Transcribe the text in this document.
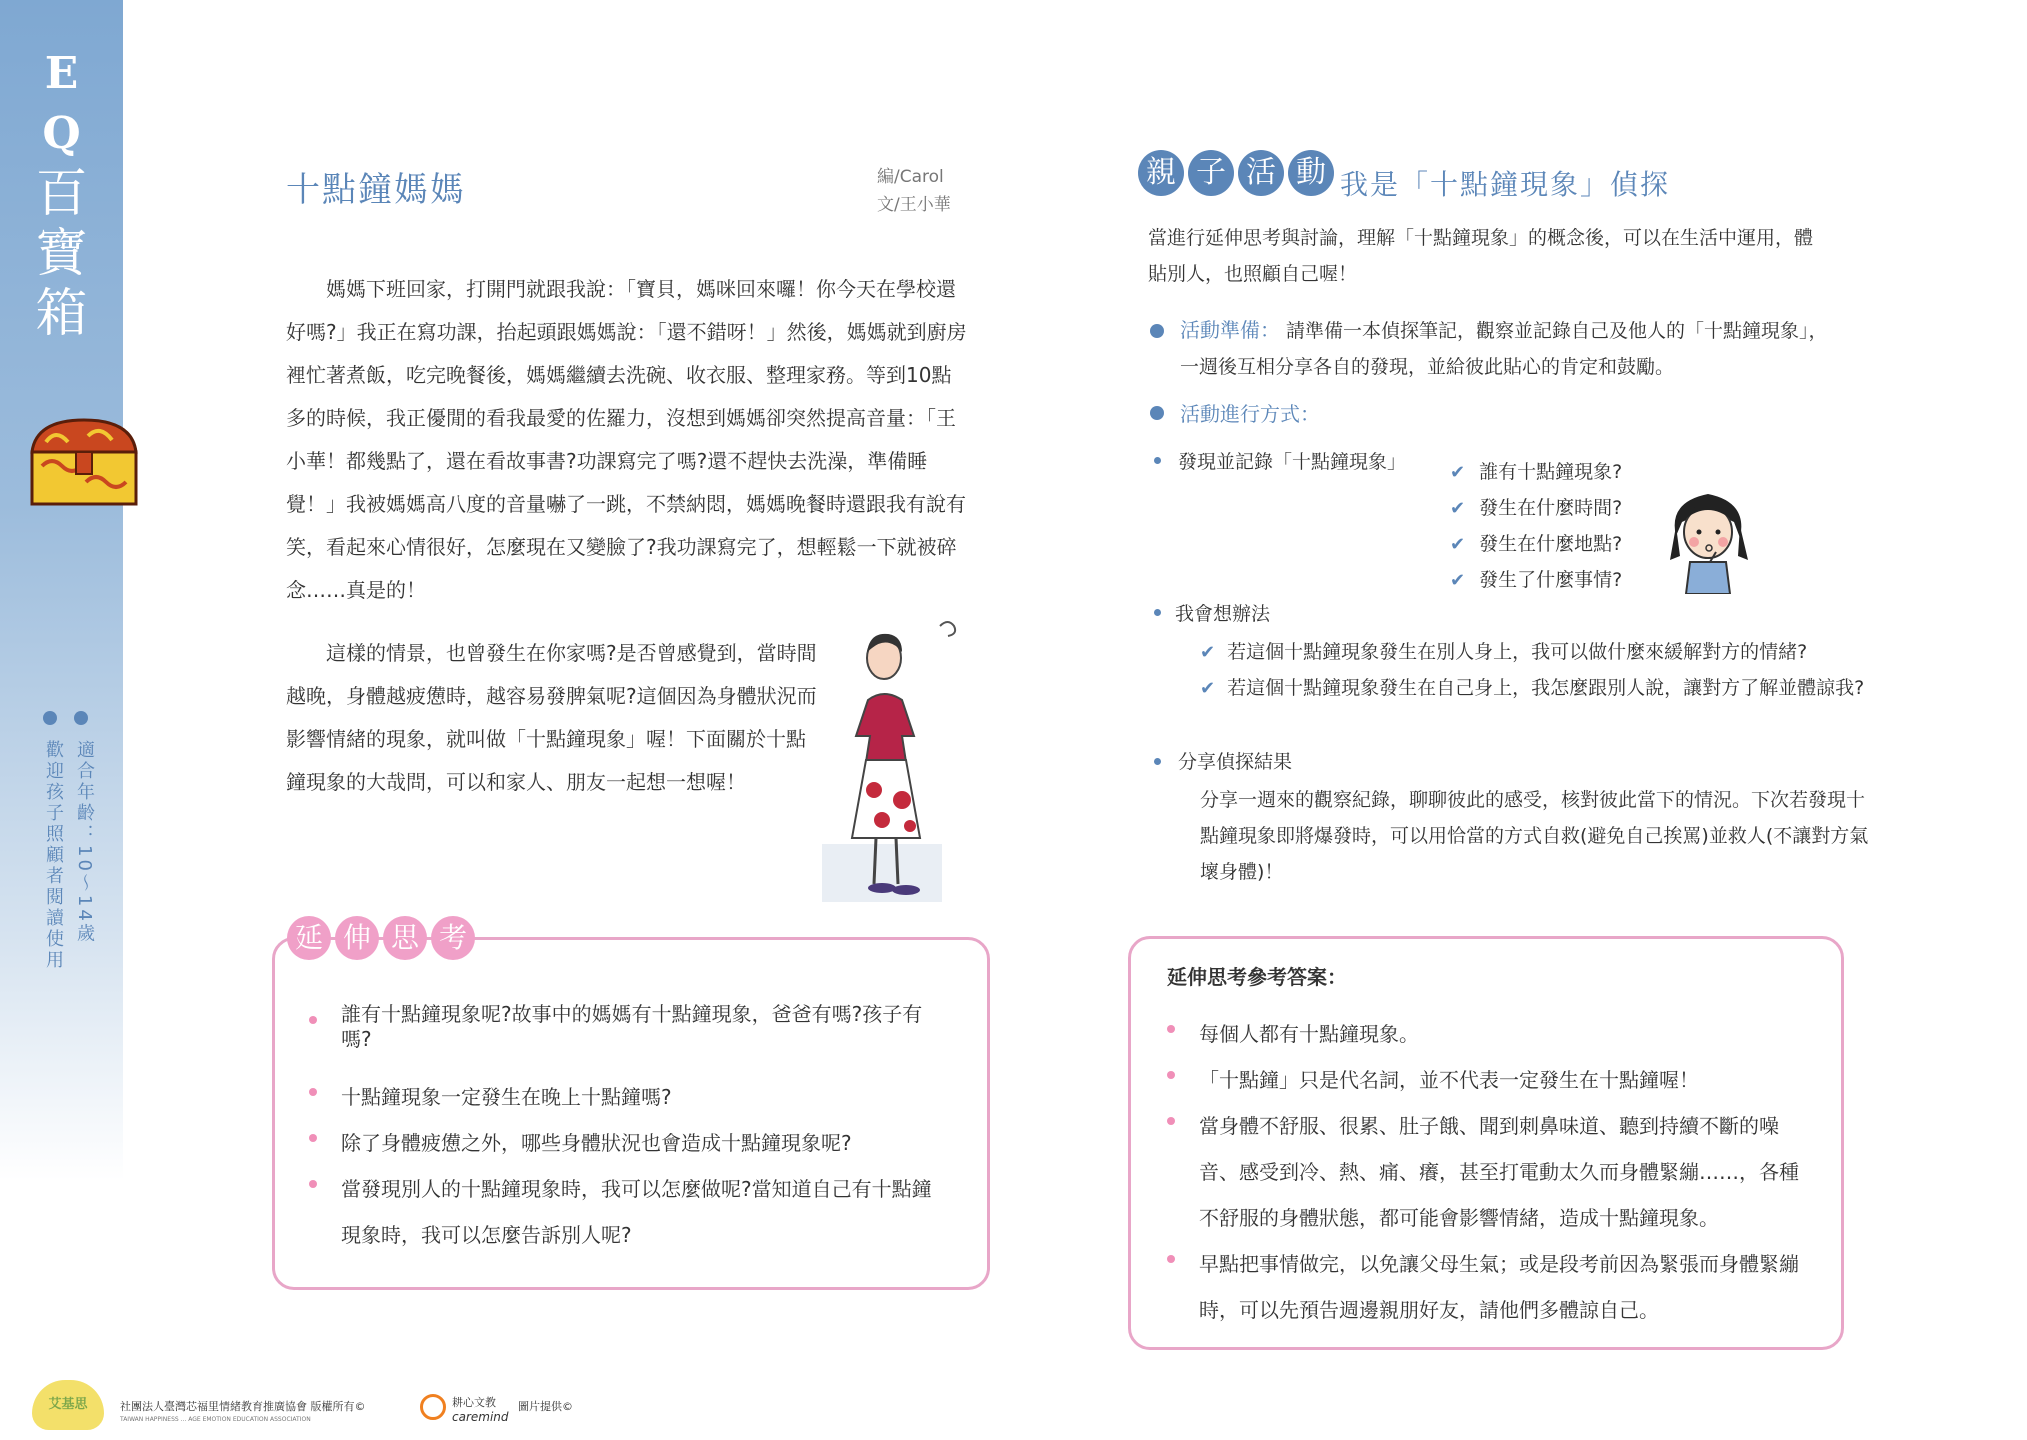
E
Q
百
寶
箱
適合年齡：10～14歲
歡迎孩子照顧者閱讀使用
十點鐘媽媽	編/Carol
文/王小華

媽媽下班回家，打開門就跟我說：「寶貝，媽咪回來囉！你今天在學校還好嗎?」我正在寫功課，抬起頭跟媽媽說：「還不錯呀！」然後，媽媽就到廚房裡忙著煮飯，吃完晚餐後，媽媽繼續去洗碗、收衣服、整理家務。等到10點多的時候，我正優閒的看我最愛的佐羅力，沒想到媽媽卻突然提高音量：「王小華！都幾點了，還在看故事書?功課寫完了嗎?還不趕快去洗澡，準備睡覺！」我被媽媽高八度的音量嚇了一跳，不禁納悶，媽媽晚餐時還跟我有說有笑，看起來心情很好，怎麼現在又變臉了?我功課寫完了，想輕鬆一下就被碎念……真是的！

這樣的情景，也曾發生在你家嗎?是否曾感覺到，當時間越晚，身體越疲憊時，越容易發脾氣呢?這個因為身體狀況而影響情緒的現象，就叫做「十點鐘現象」喔！下面關於十點鐘現象的大哉問，可以和家人、朋友一起想一想喔！

誰有十點鐘現象呢?故事中的媽媽有十點鐘現象，爸爸有嗎?孩子有嗎?
十點鐘現象一定發生在晚上十點鐘嗎?
除了身體疲憊之外，哪些身體狀況也會造成十點鐘現象呢?
當發現別人的十點鐘現象時，我可以怎麼做呢?當知道自己有十點鐘現象時，我可以怎麼告訴別人呢?
延 伸 思 考
親 子 活 動 我是「十點鐘現象」偵探
當進行延伸思考與討論，理解「十點鐘現象」的概念後，可以在生活中運用，體貼別人，也照顧自己喔！
活動準備： 請準備一本偵探筆記，觀察並記錄自己及他人的「十點鐘現象」，一週後互相分享各自的發現，並給彼此貼心的肯定和鼓勵。
活動進行方式：
發現並記錄「十點鐘現象」 ✔ 誰有十點鐘現象?
✔ 發生在什麼時間?
✔ 發生在什麼地點?
✔ 發生了什麼事情?
我會想辦法
✔ 若這個十點鐘現象發生在別人身上，我可以做什麼來緩解對方的情緒?
✔ 若這個十點鐘現象發生在自己身上，我怎麼跟別人說，讓對方了解並體諒我?
分享偵探結果
分享一週來的觀察紀錄，聊聊彼此的感受，核對彼此當下的情況。下次若發現十點鐘現象即將爆發時，可以用恰當的方式自救(避免自己挨罵)並救人(不讓對方氣壞身體)！
延伸思考參考答案：
每個人都有十點鐘現象。
「十點鐘」只是代名詞，並不代表一定發生在十點鐘喔！
當身體不舒服、很累、肚子餓、聞到刺鼻味道、聽到持續不斷的噪音、感受到冷、熱、痛、癢，甚至打電動太久而身體緊繃……，各種不舒服的身體狀態，都可能會影響情緒，造成十點鐘現象。
早點把事情做完，以免讓父母生氣；或是段考前因為緊張而身體緊繃時，可以先預告週邊親朋好友，請他們多體諒自己。
艾基思	社團法人臺灣芯福里情緒教育推廣協會 版權所有©
TAIWAN HAPPINESS ... AGE EMOTION EDUCATION ASSOCIATION
耕心文教
caremind
圖片提供©
